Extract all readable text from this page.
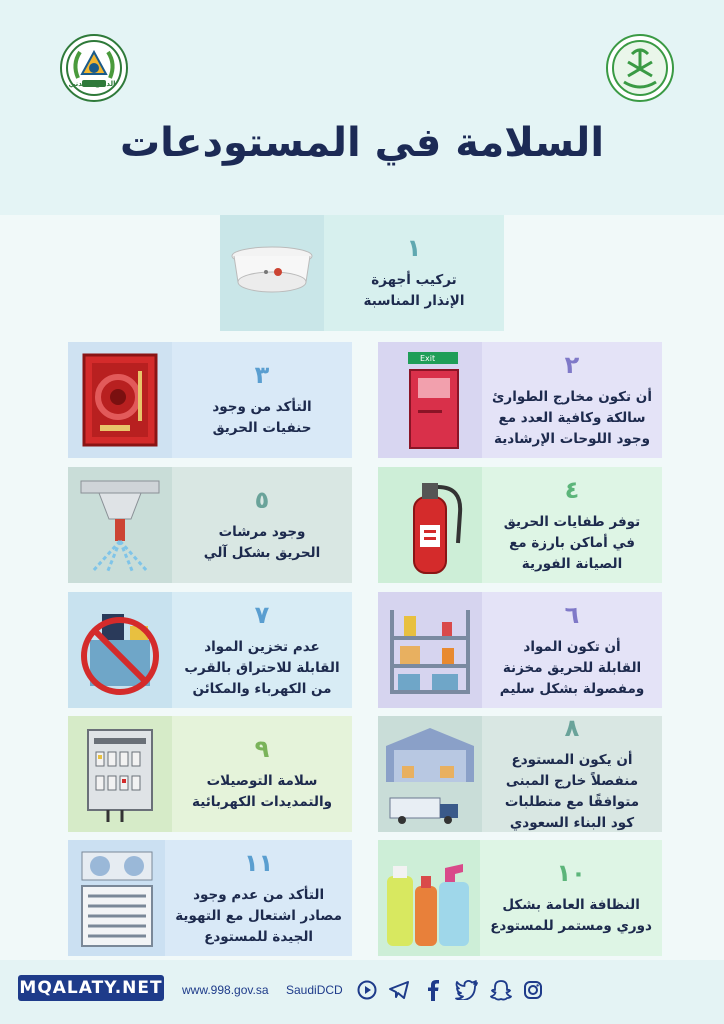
الدفاع المدني
السلامة في المستودعات
١
تركيب أجهزة
الإنذار المناسبة
٣
التأكد من وجود
حنفيات الحريق
Exit	٢
أن تكون مخارج الطوارئ
سالكة وكافية العدد مع
وجود اللوحات الإرشادية
٥
وجود مرشات
الحريق بشكل آلي
٤
توفر طفايات الحريق
في أماكن بارزة مع
الصيانة الفورية
٧
عدم تخزين المواد
القابلة للاحتراق بالقرب
من الكهرباء والمكائن
٦
أن تكون المواد
القابلة للحريق مخزنة
ومفصولة بشكل سليم
٩
سلامة التوصيلات
والتمديدات الكهربائية
٨
أن يكون المستودع
منفصلاً خارج المبنى
متوافقًا مع متطلبات
كود البناء السعودي
١١
التأكد من عدم وجود
مصادر اشتعال مع التهوية
الجيدة للمستودع
١٠
النظافة العامة بشكل
دوري ومستمر للمستودع
MQALATY.NET www.998.gov.sa SaudiDCD
